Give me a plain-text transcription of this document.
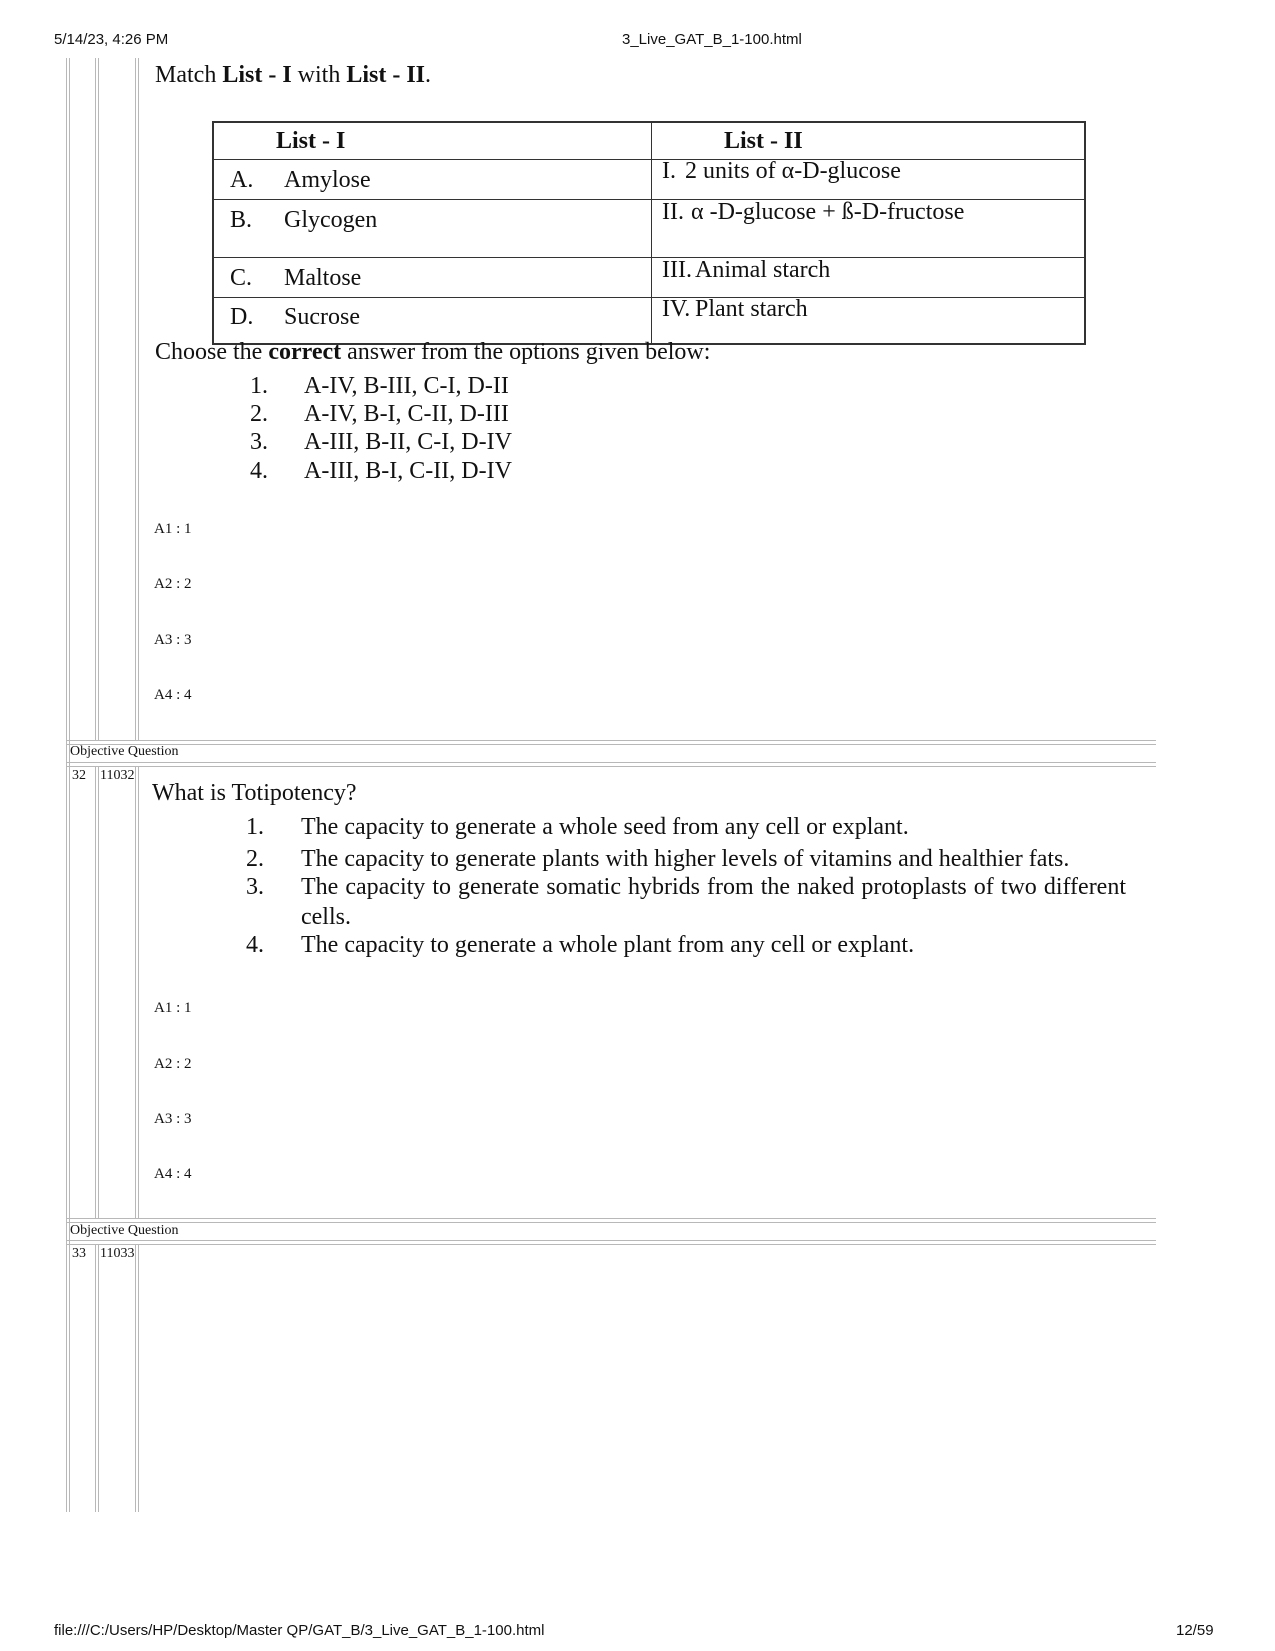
5/14/23, 4:26 PM	3_Live_GAT_B_1-100.html
Objective Question
32 11032
Objective Question
33 11033
Match List - I with List - II.
List - I	List - II
A. Amylose	I. 2 units of α-D-glucose
B. Glycogen	II. α -D-glucose + ß-D-fructose
C. Maltose	III. Animal starch
D. Sucrose	IV. Plant starch
Choose the correct answer from the options given below:
1. A-IV, B-III, C-I, D-II
2. A-IV, B-I, C-II, D-III
3. A-III, B-II, C-I, D-IV
4. A-III, B-I, C-II, D-IV
A1 : 1
A2 : 2
A3 : 3
A4 : 4
What is Totipotency?
1. The capacity to generate a whole seed from any cell or explant.
2. The capacity to generate plants with higher levels of vitamins and healthier fats.
3. The capacity to generate somatic hybrids from the naked protoplasts of two different cells.
4. The capacity to generate a whole plant from any cell or explant.
A1 : 1
A2 : 2
A3 : 3
A4 : 4
file:///C:/Users/HP/Desktop/Master QP/GAT_B/3_Live_GAT_B_1-100.html	12/59
